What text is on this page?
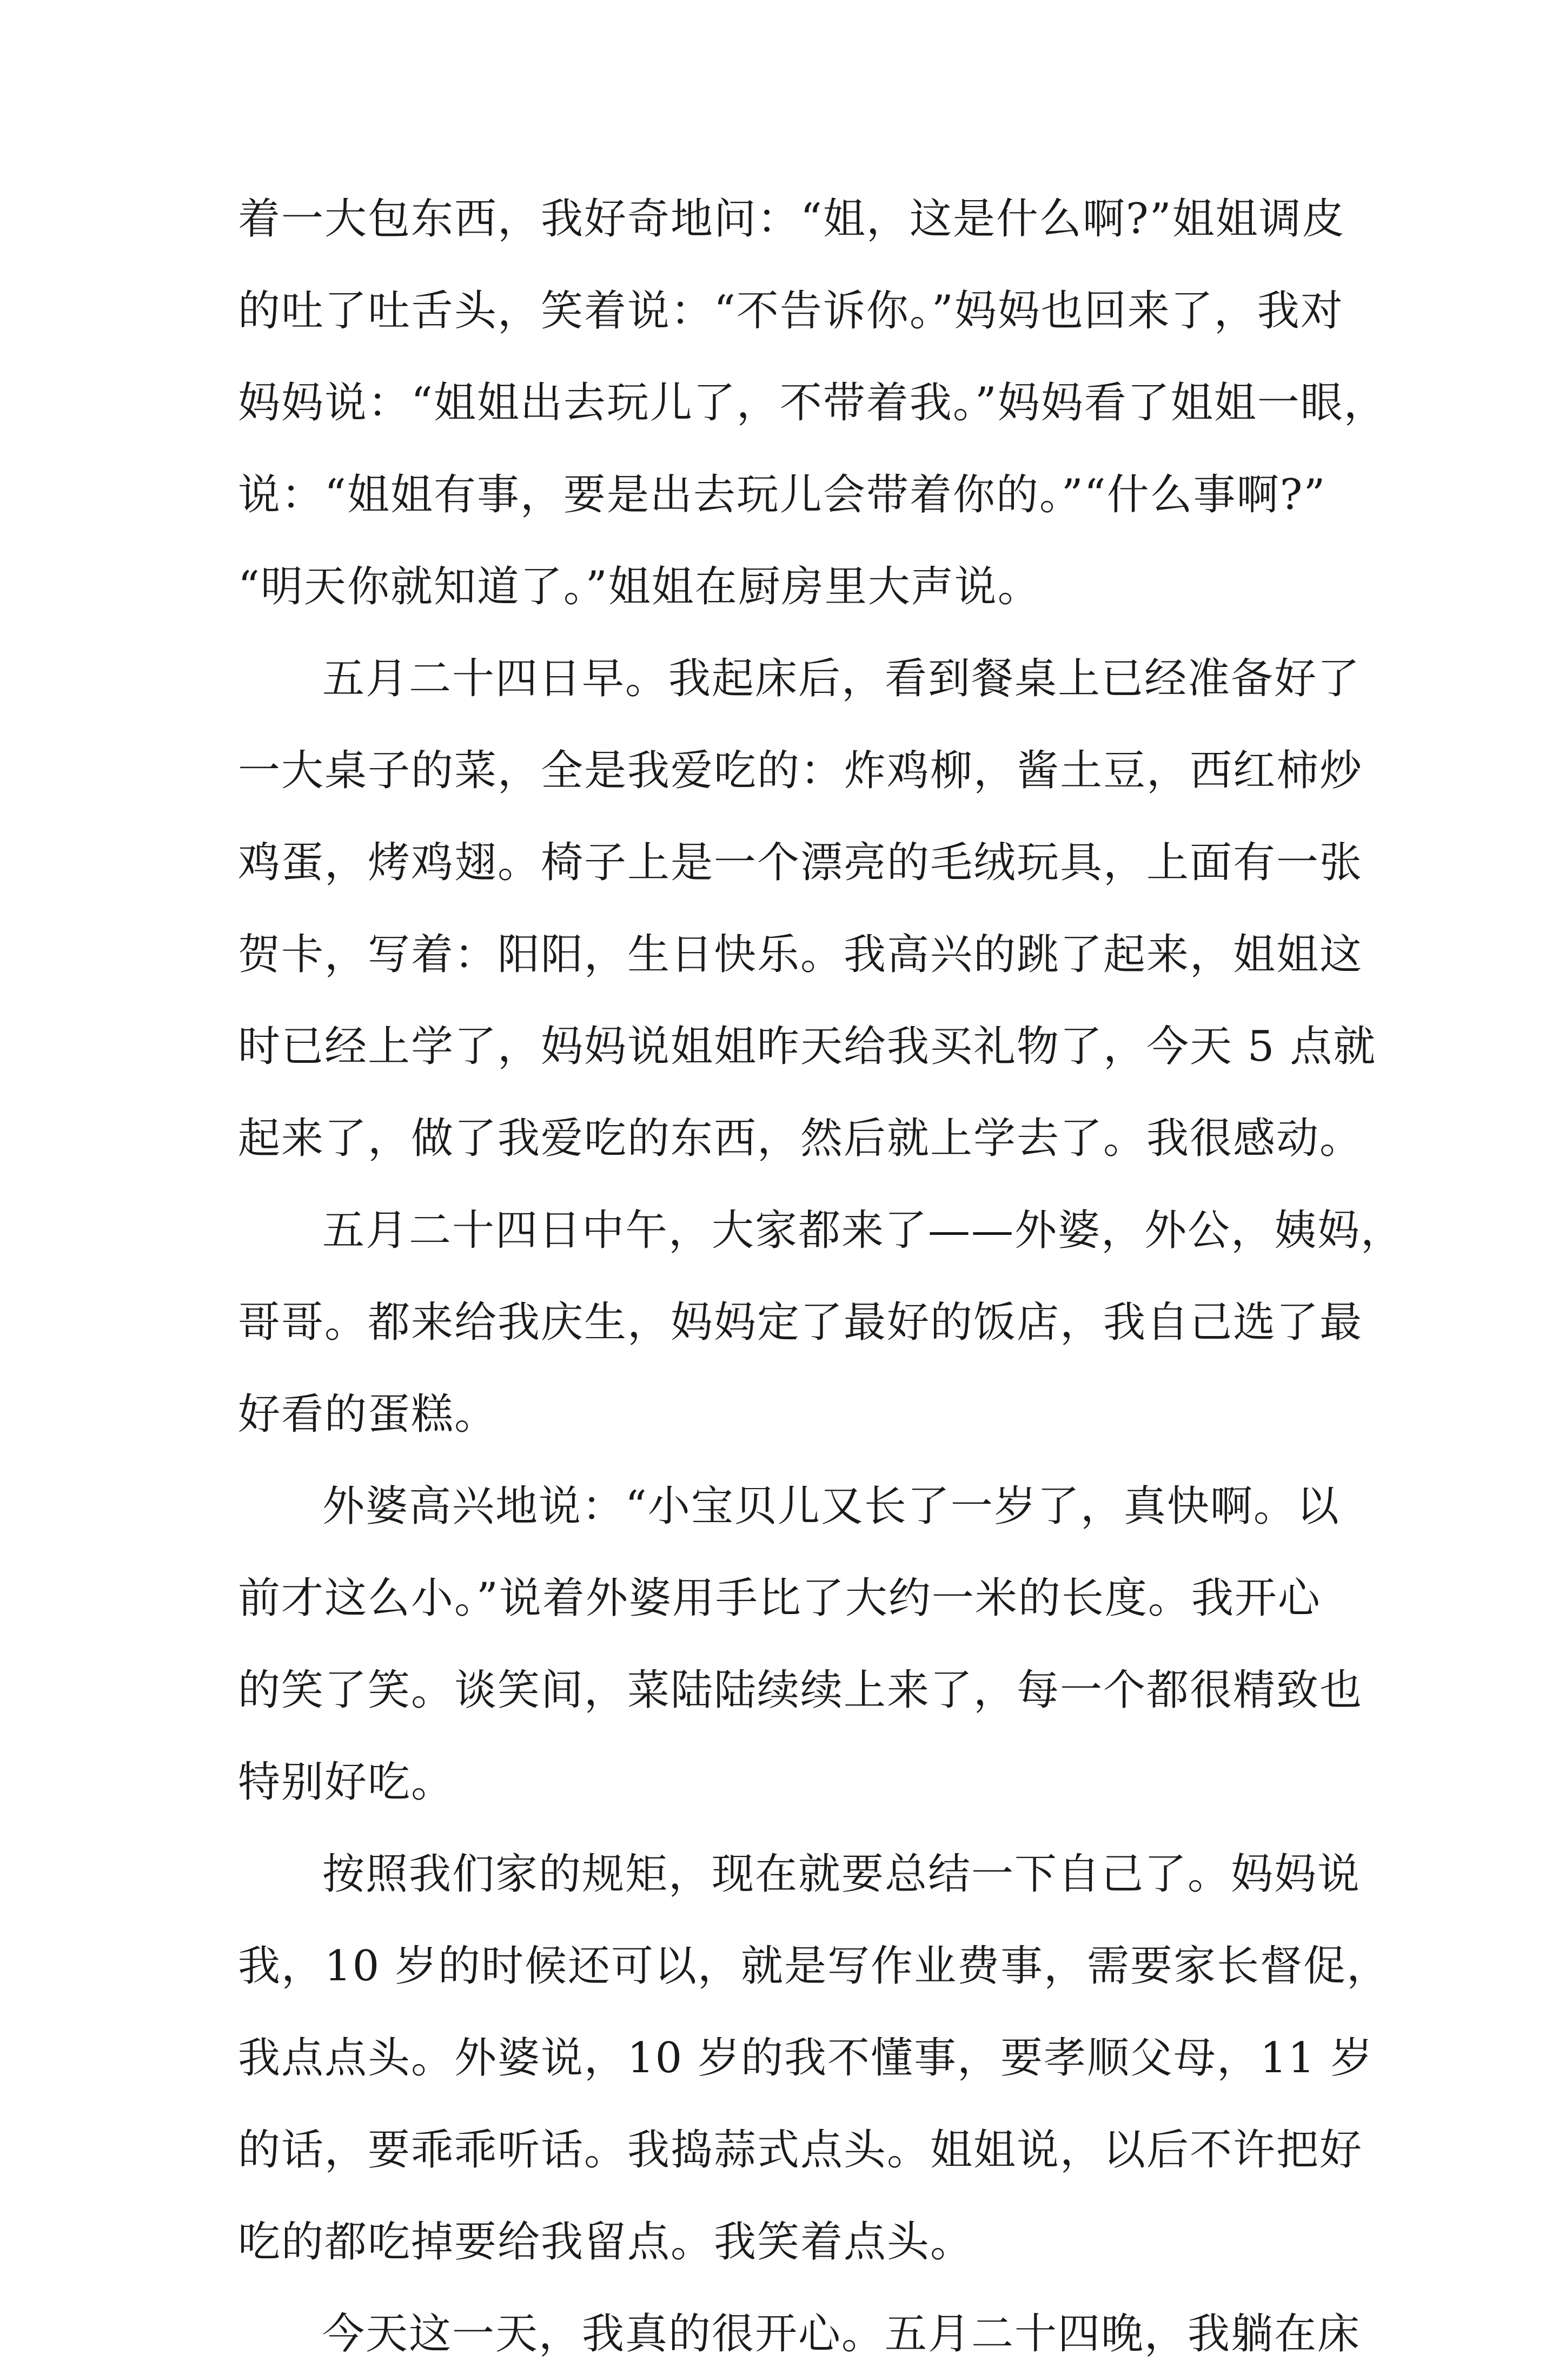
着一大包东西，我好奇地问：“姐，这是什么啊?”姐姐调皮
的吐了吐舌头，笑着说：“不告诉你。”妈妈也回来了，我对
妈妈说：“姐姐出去玩儿了，不带着我。”妈妈看了姐姐一眼，
说：“姐姐有事，要是出去玩儿会带着你的。”“什么事啊?”
“明天你就知道了。”姐姐在厨房里大声说。
五月二十四日早。我起床后，看到餐桌上已经准备好了
一大桌子的菜，全是我爱吃的：炸鸡柳，酱土豆，西红柿炒
鸡蛋，烤鸡翅。椅子上是一个漂亮的毛绒玩具，上面有一张
贺卡，写着：阳阳，生日快乐。我高兴的跳了起来，姐姐这
时已经上学了，妈妈说姐姐昨天给我买礼物了，今天 5 点就
起来了，做了我爱吃的东西，然后就上学去了。我很感动。
五月二十四日中午，大家都来了——外婆，外公，姨妈，
哥哥。都来给我庆生，妈妈定了最好的饭店，我自己选了最
好看的蛋糕。
外婆高兴地说：“小宝贝儿又长了一岁了，真快啊。以
前才这么小。”说着外婆用手比了大约一米的长度。我开心
的笑了笑。谈笑间，菜陆陆续续上来了，每一个都很精致也
特别好吃。
按照我们家的规矩，现在就要总结一下自己了。妈妈说
我，10 岁的时候还可以，就是写作业费事，需要家长督促，
我点点头。外婆说，10 岁的我不懂事，要孝顺父母，11 岁
的话，要乖乖听话。我捣蒜式点头。姐姐说，以后不许把好
吃的都吃掉要给我留点。我笑着点头。
今天这一天，我真的很开心。五月二十四晚，我躺在床
